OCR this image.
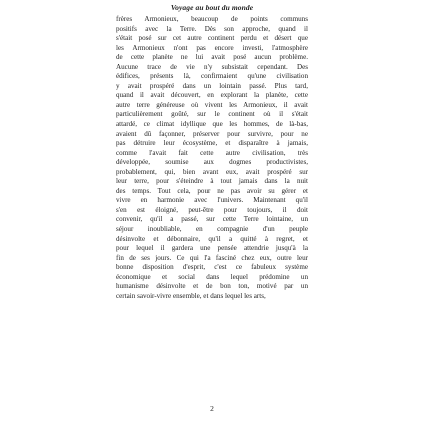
Voyage au bout du monde
frères Armonieux, beaucoup de points communs
positifs avec la Terre. Dès son approche, quand il
s'était posé sur cet autre continent perdu et désert que
les Armonieux n'ont pas encore investi, l'atmosphère
de cette planète ne lui avait posé aucun problème.
Aucune trace de vie n'y subsistait cependant. Des
édifices, présents là, confirmaient qu'une civilisation
y avait prospéré dans un lointain passé. Plus tard,
quand il avait découvert, en explorant la planète, cette
autre terre généreuse où vivent les Armonieux, il avait
particulièrement goûté, sur le continent où il s'était
attardé, ce climat idyllique que les hommes, de là-bas,
avaient dû façonner, préserver pour survivre, pour ne
pas détruire leur écosystème, et disparaître à jamais,
comme l'avait fait cette autre civilisation, très
développée, soumise aux dogmes productivistes,
probablement, qui, bien avant eux, avait prospéré sur
leur terre, pour s'éteindre à tout jamais dans la nuit
des temps. Tout cela, pour ne pas avoir su gérer et
vivre en harmonie avec l'univers. Maintenant qu'il
s'en est éloigné, peut-être pour toujours, il doit
convenir, qu'il a passé, sur cette Terre lointaine, un
séjour inoubliable, en compagnie d'un peuple
désinvolte et débonnaire, qu'il a quitté à regret, et
pour lequel il gardera une pensée attendrie jusqu'à la
fin de ses jours. Ce qui l'a fasciné chez eux, outre leur
bonne disposition d'esprit, c'est ce fabuleux système
économique et social dans lequel prédomine un
humanisme désinvolte et de bon ton, motivé par un
certain savoir-vivre ensemble, et dans lequel les arts,
2
